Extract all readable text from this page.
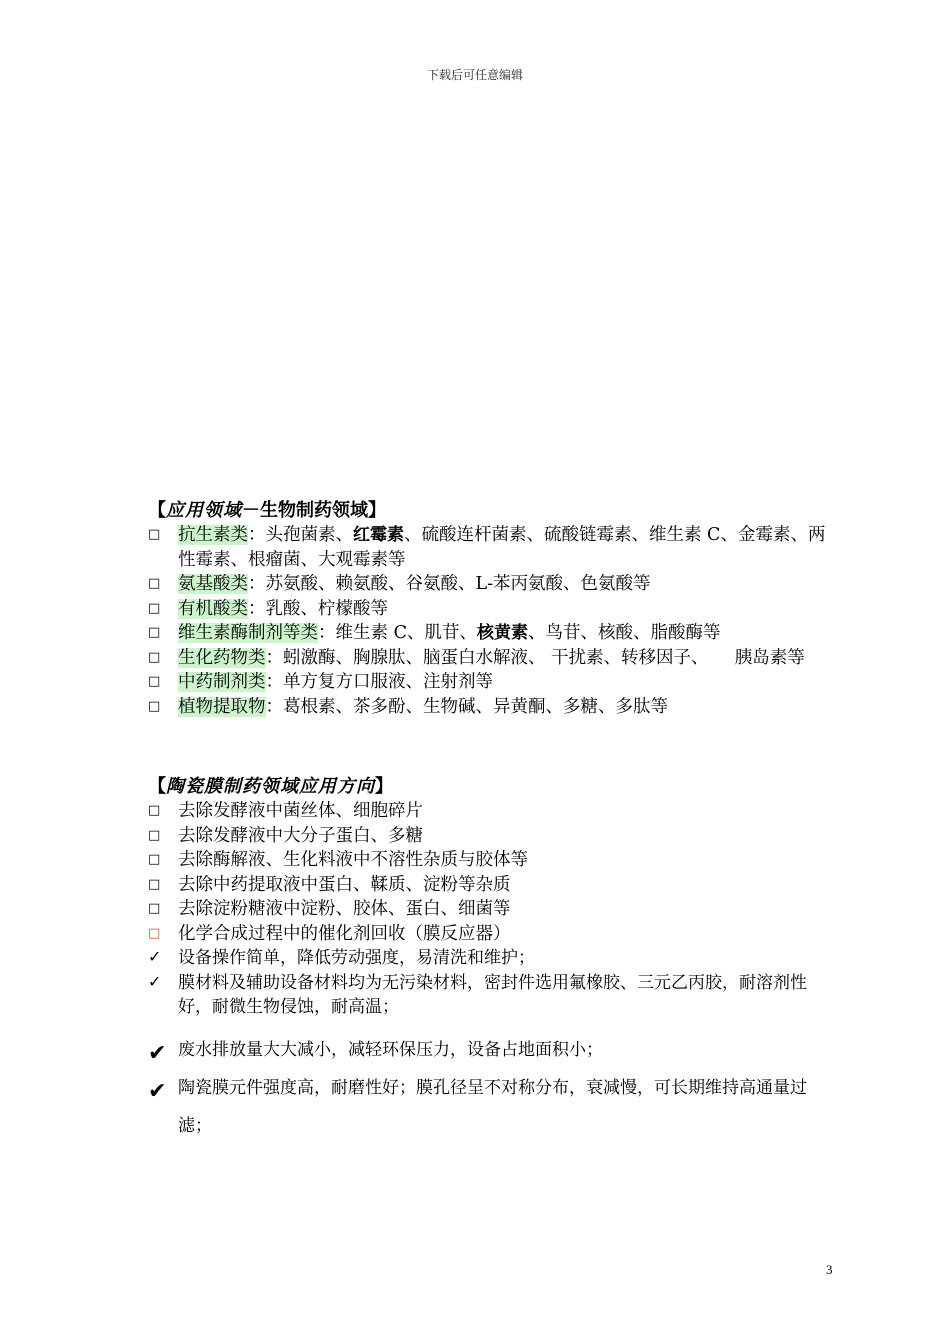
下载后可任意编辑

【应用领域－生物制药领域】

□	抗生素类：头孢菌素、红霉素、硫酸连杆菌素、硫酸链霉素、维生素 C、金霉素、两性霉素、根瘤菌、大观霉素等
□	氨基酸类：苏氨酸、赖氨酸、谷氨酸、L-苯丙氨酸、色氨酸等
□	有机酸类：乳酸、柠檬酸等
□	维生素酶制剂等类：维生素 C、肌苷、核黄素、鸟苷、核酸、脂酸酶等
□	生化药物类：蚓激酶、胸腺肽、脑蛋白水解液、 干扰素、转移因子、　　胰岛素等
□	中药制剂类：单方复方口服液、注射剂等
□	植物提取物：葛根素、茶多酚、生物碱、异黄酮、多糖、多肽等

【陶瓷膜制药领域应用方向】

□	去除发酵液中菌丝体、细胞碎片
□	去除发酵液中大分子蛋白、多糖
□	去除酶解液、生化料液中不溶性杂质与胶体等
□	去除中药提取液中蛋白、鞣质、淀粉等杂质
□	去除淀粉糖液中淀粉、胶体、蛋白、细菌等
□	化学合成过程中的催化剂回收（膜反应器）
✓ 设备操作简单，降低劳动强度，易清洗和维护；
✓ 膜材料及辅助设备材料均为无污染材料，密封件选用氟橡胶、三元乙丙胶，耐溶剂性好，耐微生物侵蚀，耐高温；
✔ 废水排放量大大减小，减轻环保压力，设备占地面积小；
✔ 陶瓷膜元件强度高，耐磨性好；膜孔径呈不对称分布，衰减慢，可长期维持高通量过滤；
3
